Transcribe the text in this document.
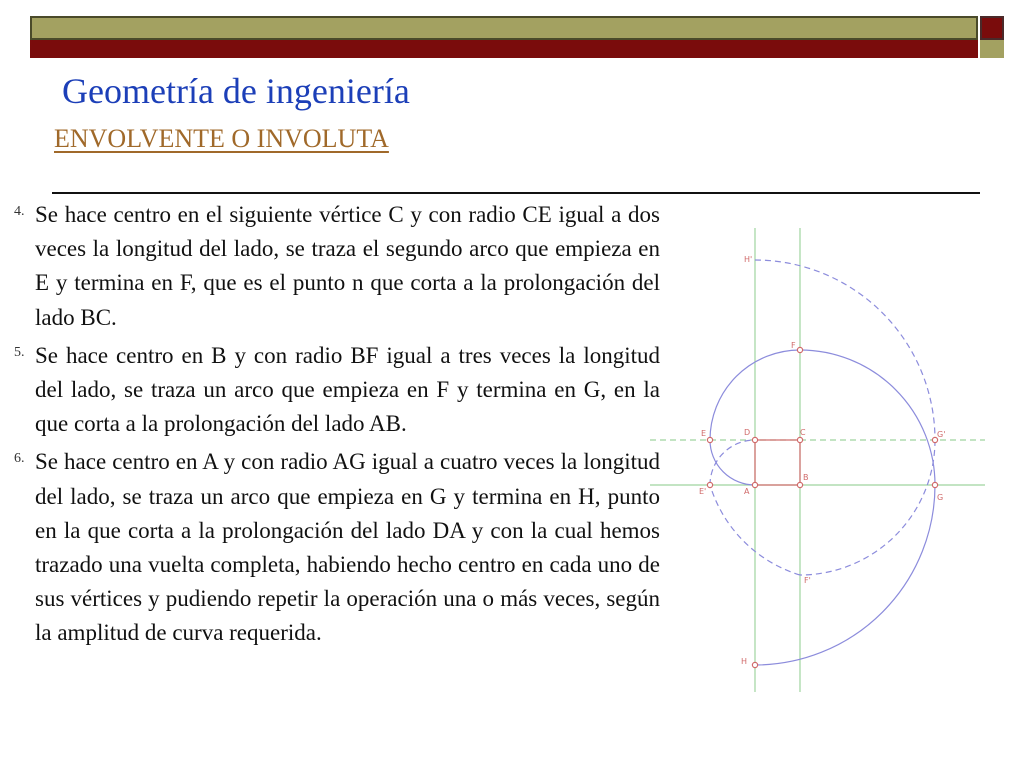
Geometría de ingeniería
ENVOLVENTE O INVOLUTA
4. Se hace centro en el siguiente vértice C y con radio CE igual a dos veces la longitud del lado, se traza el segundo arco que empieza en E y termina en F, que es el punto n que corta a la prolongación del lado BC.

5. Se hace centro en B y con radio BF igual a tres veces la longitud del lado, se traza un arco que empieza en F y termina en G, en la que corta a la prolongación del lado AB.

6. Se hace centro en A y con radio AG igual a cuatro veces la longitud del lado, se traza un arco que empieza en G y termina en H, punto en la que corta a la prolongación del lado DA y con la cual hemos trazado una vuelta completa, habiendo hecho centro en cada uno de sus vértices y pudiendo repetir la operación una o más veces, según la amplitud de curva requerida.

A
B
C
D
E
E'
F
F'
G
G'
H
H'
